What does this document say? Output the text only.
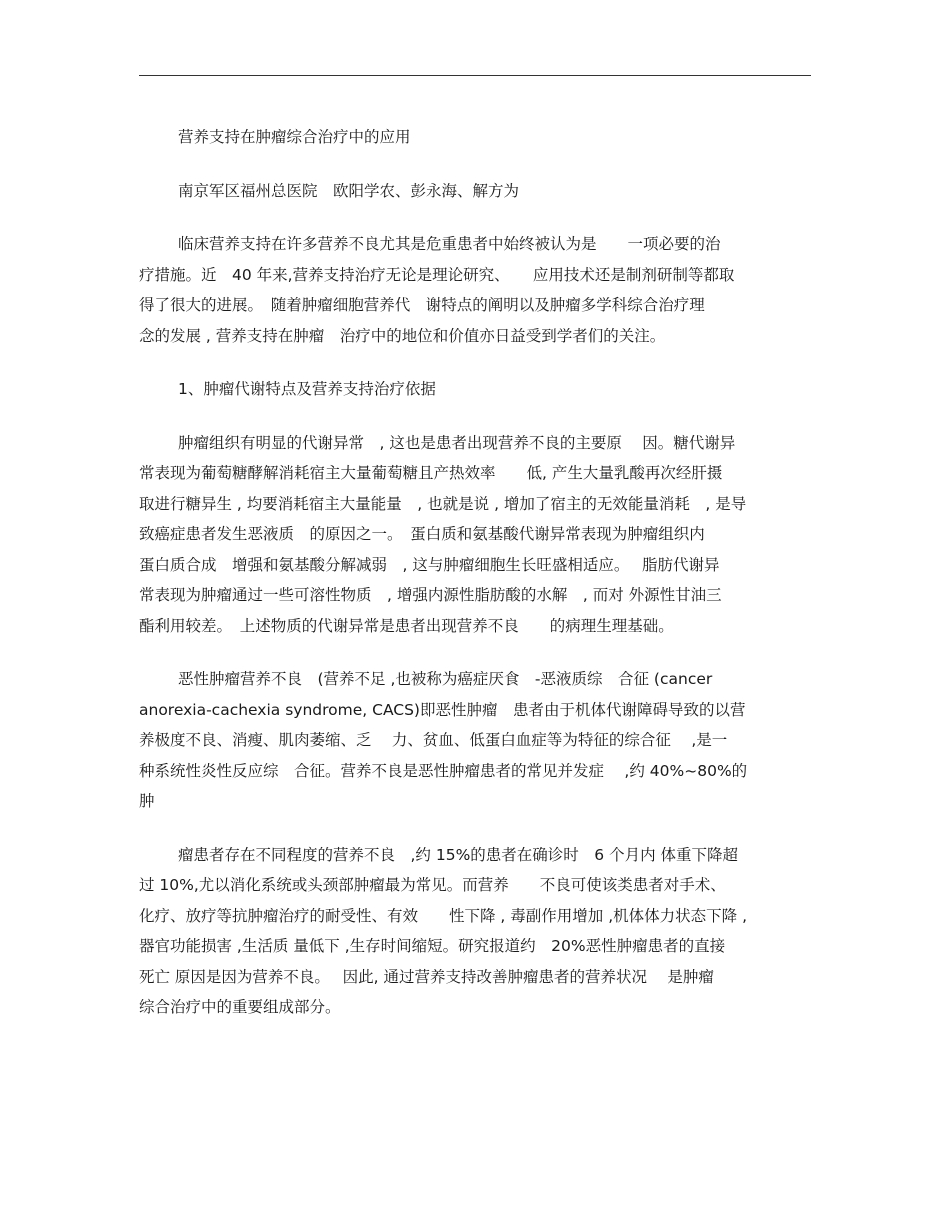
营养支持在肿瘤综合治疗中的应用
南京军区福州总医院　欧阳学农、彭永海、解方为
临床营养支持在许多营养不良尤其是危重患者中始终被认为是　　一项必要的治
疗措施。近　40 年来,营养支持治疗无论是理论研究、　　应用技术还是制剂研制等都取
得了很大的进展。　随着肿瘤细胞营养代　谢特点的阐明以及肿瘤多学科综合治疗理
念的发展 , 营养支持在肿瘤　治疗中的地位和价值亦日益受到学者们的关注。
1、肿瘤代谢特点及营养支持治疗依据
肿瘤组织有明显的代谢异常　, 这也是患者出现营养不良的主要原　 因。糖代谢异
常表现为葡萄糖酵解消耗宿主大量葡萄糖且产热效率　　低, 产生大量乳酸再次经肝摄
取进行糖异生 , 均要消耗宿主大量能量　, 也就是说 , 增加了宿主的无效能量消耗　, 是导
致癌症患者发生恶液质　的原因之一。　蛋白质和氨基酸代谢异常表现为肿瘤组织内
蛋白质合成　增强和氨基酸分解减弱　, 这与肿瘤细胞生长旺盛相适应。　 脂肪代谢异
常表现为肿瘤通过一些可溶性物质　, 增强内源性脂肪酸的水解　, 而对 外源性甘油三
酯利用较差。　上述物质的代谢异常是患者出现营养不良　　的病理生理基础。
恶性肿瘤营养不良　(营养不足 ,也被称为癌症厌食　-恶液质综　合征 (cancer
anorexia-cachexia syndrome, CACS)即恶性肿瘤　患者由于机体代谢障碍导致的以营
养极度不良、消瘦、肌肉萎缩、乏　 力、贫血、低蛋白血症等为特征的综合征　 ,是一
种系统性炎性反应综　合征。营养不良是恶性肿瘤患者的常见并发症　 ,约 40%~80%的
肿
瘤患者存在不同程度的营养不良　,约 15%的患者在确诊时　6 个月内 体重下降超
过 10%,尤以消化系统或头颈部肿瘤最为常见。而营养　　不良可使该类患者对手术、
化疗、放疗等抗肿瘤治疗的耐受性、有效　　性下降 , 毒副作用增加 ,机体体力状态下降 ,
器官功能损害 ,生活质 量低下 ,生存时间缩短。研究报道约　20%恶性肿瘤患者的直接
死亡 原因是因为营养不良。　 因此, 通过营养支持改善肿瘤患者的营养状况　 是肿瘤
综合治疗中的重要组成部分。
